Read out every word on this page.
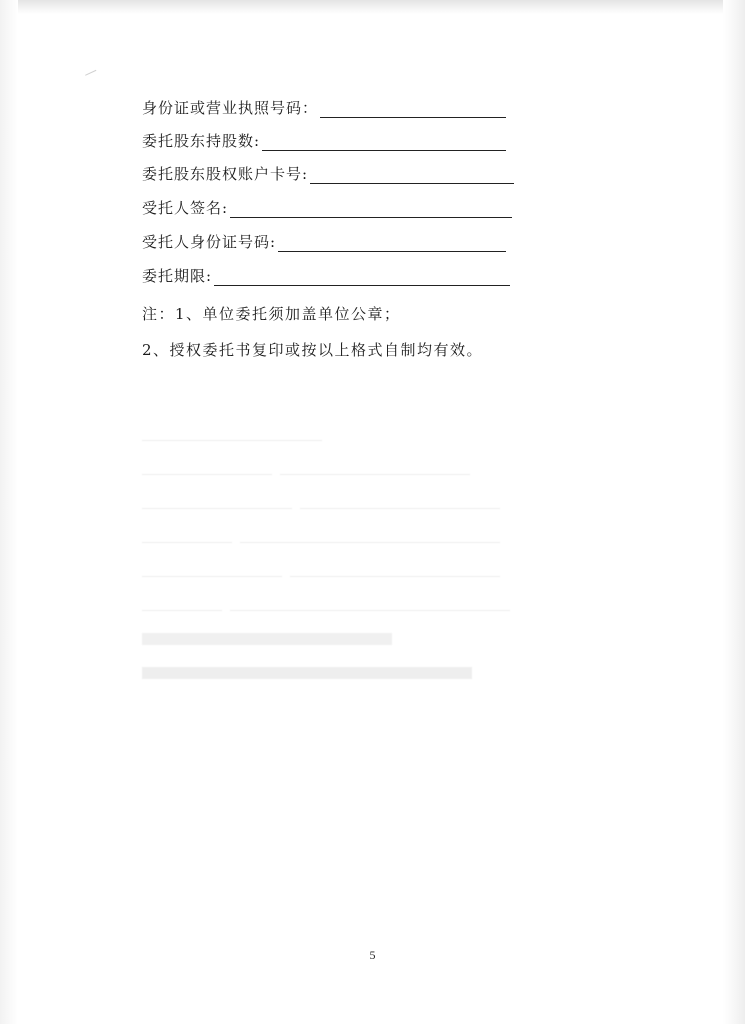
身份证或营业执照号码：
委托股东持股数:
委托股东股权账户卡号:
受托人签名:
受托人身份证号码:
委托期限:
注：1、单位委托须加盖单位公章；
2、授权委托书复印或按以上格式自制均有效。
5
